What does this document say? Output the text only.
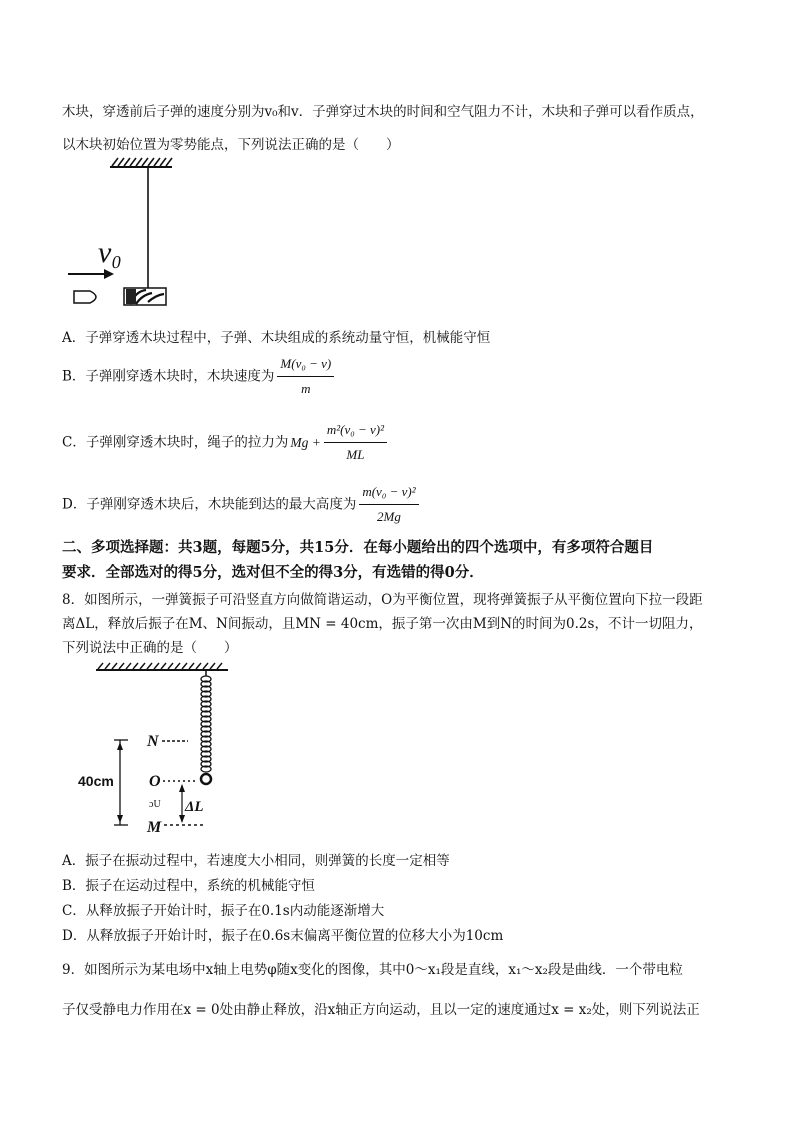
木块，穿透前后子弹的速度分别为v₀和v．子弹穿过木块的时间和空气阻力不计，木块和子弹可以看作质点，
以木块初始位置为零势能点，下列说法正确的是（　　）
v₀
A．子弹穿透木块过程中，子弹、木块组成的系统动量守恒，机械能守恒
B．子弹刚穿透木块时，木块速度为 $\frac{\text{M(v₀ − v)}}{m}$
C．子弹刚穿透木块时，绳子的拉力为 $Mg + \frac{\text{m²(v₀ − v)²}}{ML}$
D．子弹刚穿透木块后，木块能到达的最大高度为 $\frac{\text{m(v₀ − v)²}}{2Mg}$
二、多项选择题：共3题，每题5分，共15分．在每小题给出的四个选项中，有多项符合题目
要求．全部选对的得5分，选对但不全的得3分，有选错的得0分．
8．如图所示，一弹簧振子可沿竖直方向做简谐运动，O为平衡位置，现将弹簧振子从平衡位置向下拉一段距
离ΔL，释放后振子在M、N间振动，且MN = 40cm，振子第一次由M到N的时间为0.2s，不计一切阻力，
下列说法中正确的是（　　）
N
O
ɔU
M
40cm
ΔL
A．振子在振动过程中，若速度大小相同，则弹簧的长度一定相等
B．振子在运动过程中，系统的机械能守恒
C．从释放振子开始计时，振子在0.1s内动能逐渐增大
D．从释放振子开始计时，振子在0.6s末偏离平衡位置的位移大小为10cm
9．如图所示为某电场中x轴上电势φ随x变化的图像，其中0～x₁段是直线，x₁～x₂段是曲线．一个带电粒
子仅受静电力作用在x = 0处由静止释放，沿x轴正方向运动，且以一定的速度通过x = x₂处，则下列说法正
